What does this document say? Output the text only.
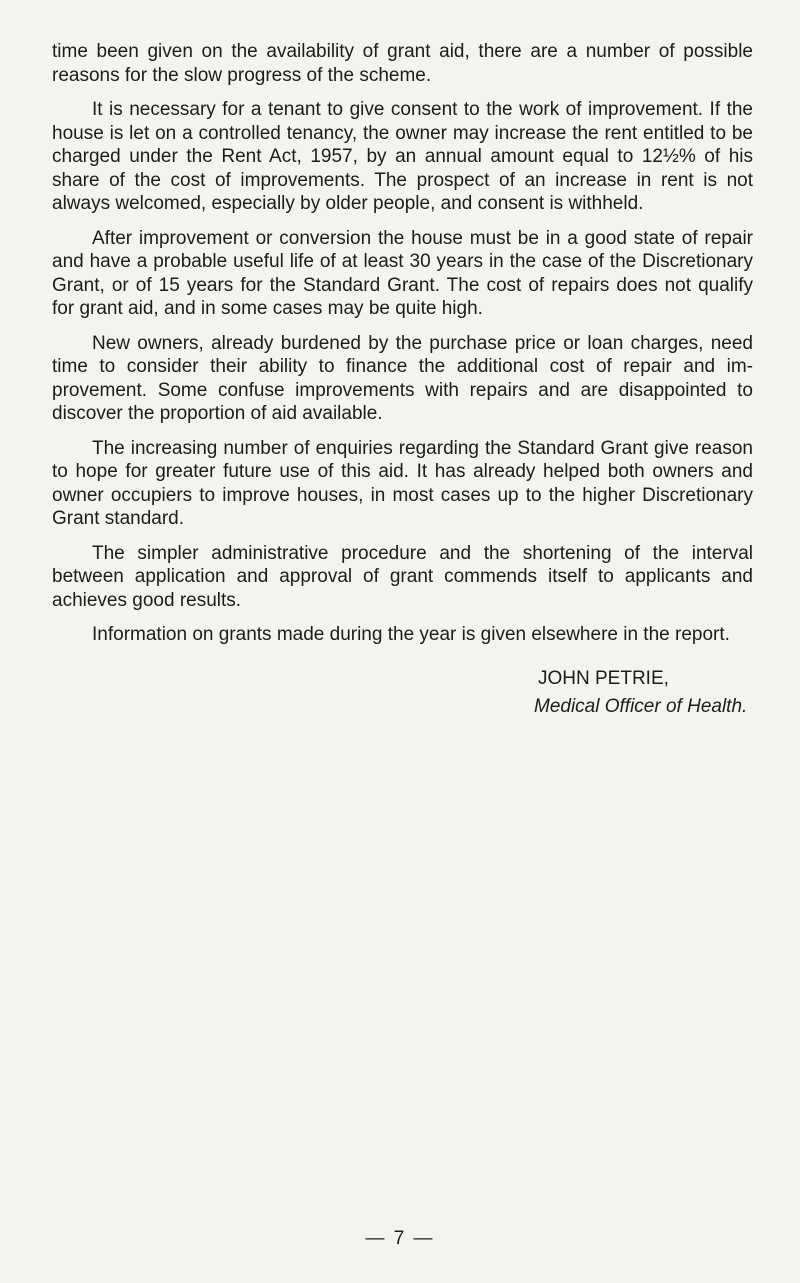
time been given on the availability of grant aid, there are a number of possible reasons for the slow progress of the scheme.

It is necessary for a tenant to give consent to the work of improvement. If the house is let on a controlled tenancy, the owner may increase the rent entitled to be charged under the Rent Act, 1957, by an annual amount equal to 12½% of his share of the cost of improvements. The prospect of an increase in rent is not always welcomed, especially by older people, and consent is withheld.

After improvement or conversion the house must be in a good state of repair and have a probable useful life of at least 30 years in the case of the Discretionary Grant, or of 15 years for the Standard Grant. The cost of repairs does not qualify for grant aid, and in some cases may be quite high.

New owners, already burdened by the purchase price or loan charges, need time to consider their ability to finance the additional cost of repair and im-provement. Some confuse improvements with repairs and are disappointed to discover the proportion of aid available.

The increasing number of enquiries regarding the Standard Grant give reason to hope for greater future use of this aid. It has already helped both owners and owner occupiers to improve houses, in most cases up to the higher Discretionary Grant standard.

The simpler administrative procedure and the shortening of the interval between application and approval of grant commends itself to applicants and achieves good results.

Information on grants made during the year is given elsewhere in the report.

JOHN PETRIE,
Medical Officer of Health.
— 7 —
